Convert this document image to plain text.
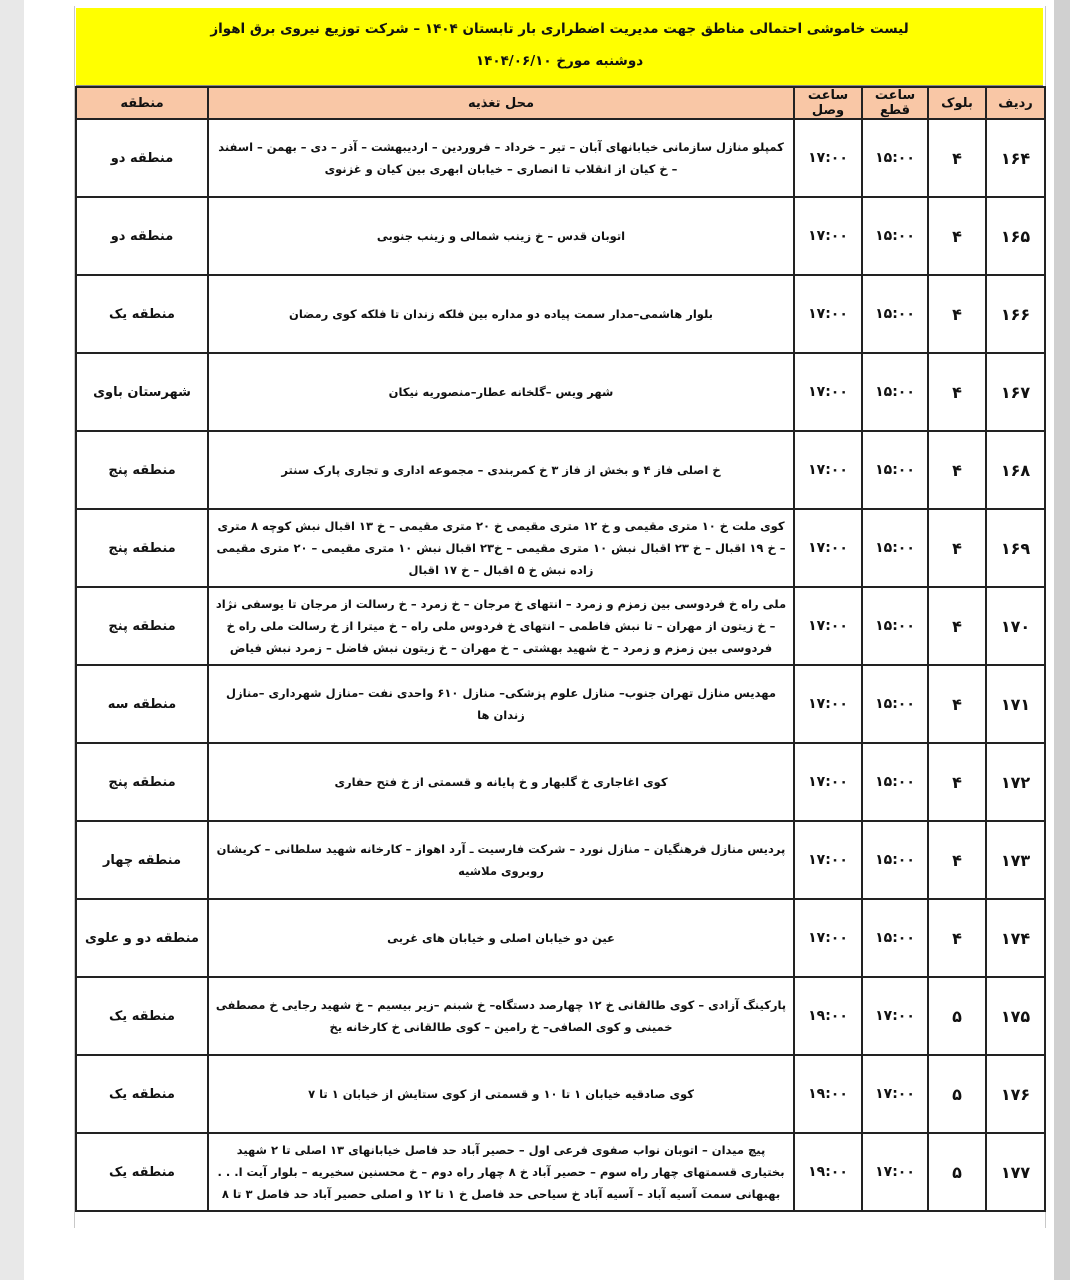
لیست خاموشی احتمالی مناطق جهت مدیریت اضطراری بار تابستان ۱۴۰۴ – شرکت توزیع نیروی برق اهواز
دوشنبه مورخ ۱۴۰۴/۰۶/۱۰
ردیف	بلوک	ساعت قطع	ساعت وصل	محل تغذیه	منطقه
۱۶۴	۴	۱۵:۰۰	۱۷:۰۰	کمپلو منازل سازمانی خیابانهای آبان – تیر – خرداد – فروردین – اردیبهشت – آذر – دی – بهمن – اسفند – خ کیان از انقلاب تا انصاری – خیابان ابهری بین کیان و غزنوی	منطقه دو
۱۶۵	۴	۱۵:۰۰	۱۷:۰۰	اتوبان قدس – خ زینب شمالی و زینب جنوبی	منطقه دو
۱۶۶	۴	۱۵:۰۰	۱۷:۰۰	بلوار هاشمی–مدار سمت پیاده دو مداره بین فلکه زندان تا فلکه کوی رمضان	منطقه یک
۱۶۷	۴	۱۵:۰۰	۱۷:۰۰	شهر ویس –گلخانه عطار–منصوریه نیکان	شهرستان باوی
۱۶۸	۴	۱۵:۰۰	۱۷:۰۰	خ اصلی فاز ۴ و بخش از فاز ۳ خ کمربندی – مجموعه اداری و تجاری پارک سنتر	منطقه پنج
۱۶۹	۴	۱۵:۰۰	۱۷:۰۰	کوی ملت خ ۱۰ متری مقیمی و خ ۱۲ متری مقیمی خ ۲۰ متری مقیمی – خ ۱۳ اقبال نبش کوچه ۸ متری – خ ۱۹ اقبال – خ ۲۳ اقبال نبش ۱۰ متری مقیمی – خ۲۳ اقبال نبش ۱۰ متری مقیمی – ۲۰ متری مقیمی زاده نبش خ ۵ اقبال – خ ۱۷ اقبال	منطقه پنج
۱۷۰	۴	۱۵:۰۰	۱۷:۰۰	ملی راه خ فردوسی بین زمزم و زمرد – انتهای خ مرجان – خ زمرد – خ رسالت از مرجان تا یوسفی نژاد – خ زیتون از مهران – تا نبش فاطمی – انتهای خ فردوس ملی راه – خ میترا از خ رسالت ملی راه خ فردوسی بین زمزم و زمرد – خ شهید بهشتی – خ مهران – خ زیتون نبش فاضل – زمرد نبش فیاض	منطقه پنج
۱۷۱	۴	۱۵:۰۰	۱۷:۰۰	مهدیس منازل تهران جنوب– منازل علوم پزشکی– منازل ۶۱۰ واحدی نفت –منازل شهرداری –منازل زندان ها	منطقه سه
۱۷۲	۴	۱۵:۰۰	۱۷:۰۰	کوی اغاجاری خ گلبهار و خ پایانه و قسمتی از خ فتح حفاری	منطقه پنج
۱۷۳	۴	۱۵:۰۰	۱۷:۰۰	پردیس منازل فرهنگیان – منازل نورد – شرکت فارسیت ـ آرد اهواز – کارخانه شهید سلطانی – کریشان روبروی ملاشیه	منطقه چهار
۱۷۴	۴	۱۵:۰۰	۱۷:۰۰	عین دو خیابان اصلی و خیابان های غربی	منطقه دو و علوی
۱۷۵	۵	۱۷:۰۰	۱۹:۰۰	پارکینگ آزادی – کوی طالقانی خ ۱۲ چهارصد دستگاه– خ شبنم –زیر بیسیم – خ شهید رجایی خ مصطفی خمینی و کوی الصافی– خ رامین – کوی طالقانی خ کارخانه یخ	منطقه یک
۱۷۶	۵	۱۷:۰۰	۱۹:۰۰	کوی صادقیه خیابان ۱ تا ۱۰ و قسمتی از کوی ستایش از خیابان ۱ تا ۷	منطقه یک
۱۷۷	۵	۱۷:۰۰	۱۹:۰۰	پیچ میدان – اتوبان نواب صفوی فرعی اول – حصیر آباد حد فاصل خیابانهای ۱۳ اصلی تا ۲ شهید بختیاری قسمتهای چهار راه سوم – حصیر آباد خ ۸ چهار راه دوم – خ محسنین سخیریه – بلوار آیت ا. . . بهبهانی سمت آسیه آباد – آسیه آباد خ سیاحی حد فاصل خ ۱ تا ۱۲ و اصلی حصیر آباد حد فاصل ۳ تا ۸	منطقه یک
